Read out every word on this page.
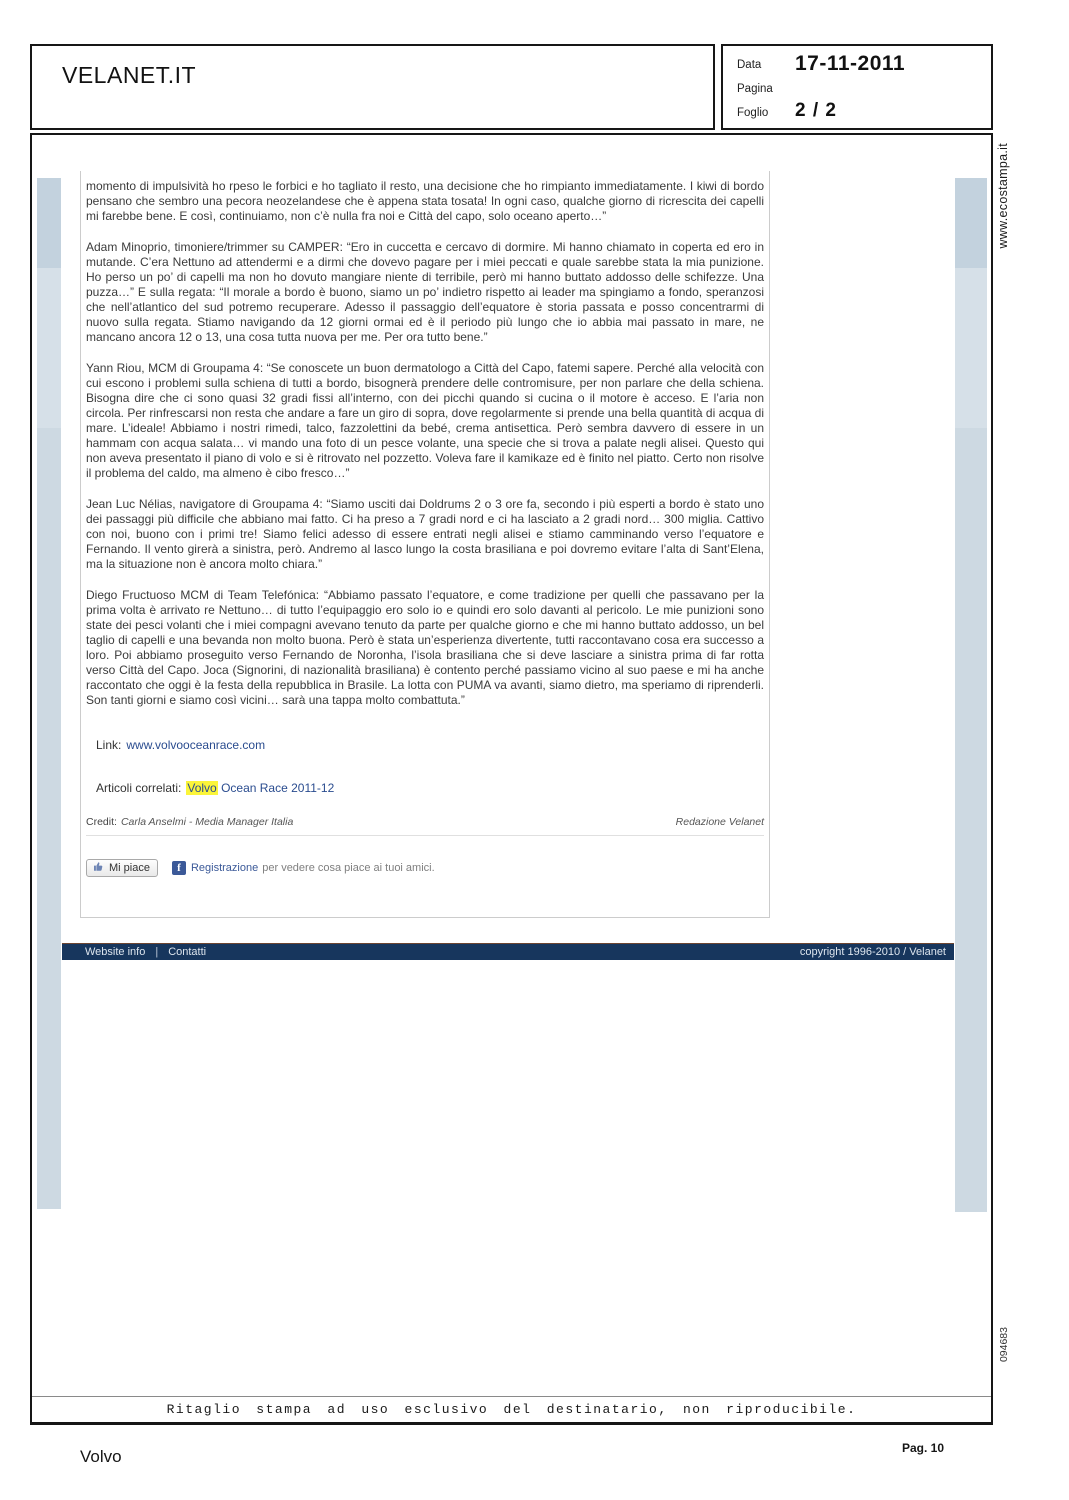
VELANET.IT	Data 17-11-2011
Pagina
Foglio 2 / 2
www.ecostampa.it
094683

momento di impulsività ho rpeso le forbici e ho tagliato il resto, una decisione che ho rimpianto immediatamente. I kiwi di bordo pensano che sembro una pecora neozelandese che è appena stata tosata! In ogni caso, qualche giorno di ricrescita dei capelli mi farebbe bene. E così, continuiamo, non c’è nulla fra noi e Città del capo, solo oceano aperto…”

Adam Minoprio, timoniere/trimmer su CAMPER: “Ero in cuccetta e cercavo di dormire. Mi hanno chiamato in coperta ed ero in mutande. C’era Nettuno ad attendermi e a dirmi che dovevo pagare per i miei peccati e quale sarebbe stata la mia punizione. Ho perso un po’ di capelli ma non ho dovuto mangiare niente di terribile, però mi hanno buttato addosso delle schifezze. Una puzza…” E sulla regata: “Il morale a bordo è buono, siamo un po’ indietro rispetto ai leader ma spingiamo a fondo, speranzosi che nell’atlantico del sud potremo recuperare. Adesso il passaggio dell’equatore è storia passata e posso concentrarmi di nuovo sulla regata. Stiamo navigando da 12 giorni ormai ed è il periodo più lungo che io abbia mai passato in mare, ne mancano ancora 12 o 13, una cosa tutta nuova per me. Per ora tutto bene.”

Yann Riou, MCM di Groupama 4: “Se conoscete un buon dermatologo a Città del Capo, fatemi sapere. Perché alla velocità con cui escono i problemi sulla schiena di tutti a bordo, bisognerà prendere delle contromisure, per non parlare che della schiena. Bisogna dire che ci sono quasi 32 gradi fissi all’interno, con dei picchi quando si cucina o il motore è acceso. E l’aria non circola. Per rinfrescarsi non resta che andare a fare un giro di sopra, dove regolarmente si prende una bella quantità di acqua di mare. L’ideale! Abbiamo i nostri rimedi, talco, fazzolettini da bebé, crema antisettica. Però sembra davvero di essere in un hammam con acqua salata… vi mando una foto di un pesce volante, una specie che si trova a palate negli alisei. Questo qui non aveva presentato il piano di volo e si è ritrovato nel pozzetto. Voleva fare il kamikaze ed è finito nel piatto. Certo non risolve il problema del caldo, ma almeno è cibo fresco…”

Jean Luc Nélias, navigatore di Groupama 4: “Siamo usciti dai Doldrums 2 o 3 ore fa, secondo i più esperti a bordo è stato uno dei passaggi più difficile che abbiano mai fatto. Ci ha preso a 7 gradi nord e ci ha lasciato a 2 gradi nord… 300 miglia. Cattivo con noi, buono con i primi tre! Siamo felici adesso di essere entrati negli alisei e stiamo camminando verso l’equatore e Fernando. Il vento girerà a sinistra, però. Andremo al lasco lungo la costa brasiliana e poi dovremo evitare l’alta di Sant’Elena, ma la situazione non è ancora molto chiara.”

Diego Fructuoso MCM di Team Telefónica: “Abbiamo passato l’equatore, e come tradizione per quelli che passavano per la prima volta è arrivato re Nettuno… di tutto l’equipaggio ero solo io e quindi ero solo davanti al pericolo. Le mie punizioni sono state dei pesci volanti che i miei compagni avevano tenuto da parte per qualche giorno e che mi hanno buttato addosso, un bel taglio di capelli e una bevanda non molto buona. Però è stata un’esperienza divertente, tutti raccontavano cosa era successo a loro. Poi abbiamo proseguito verso Fernando de Noronha, l’isola brasiliana che si deve lasciare a sinistra prima di far rotta verso Città del Capo. Joca (Signorini, di nazionalità brasiliana) è contento perché passiamo vicino al suo paese e mi ha anche raccontato che oggi è la festa della repubblica in Brasile. La lotta con PUMA va avanti, siamo dietro, ma speriamo di riprenderli. Son tanti giorni e siamo così vicini… sarà una tappa molto combattuta.”

Link: www.volvooceanrace.com
Articoli correlati: Volvo Ocean Race 2011-12
Credit: Carla Anselmi - Media Manager Italia	Redazione Velanet
Mi piace	f Registrazione per vedere cosa piace ai tuoi amici.
Website info | Contatti	copyright 1996-2010 / Velanet
Ritaglio stampa ad uso esclusivo del destinatario, non riproducibile.
Volvo	Pag. 10
